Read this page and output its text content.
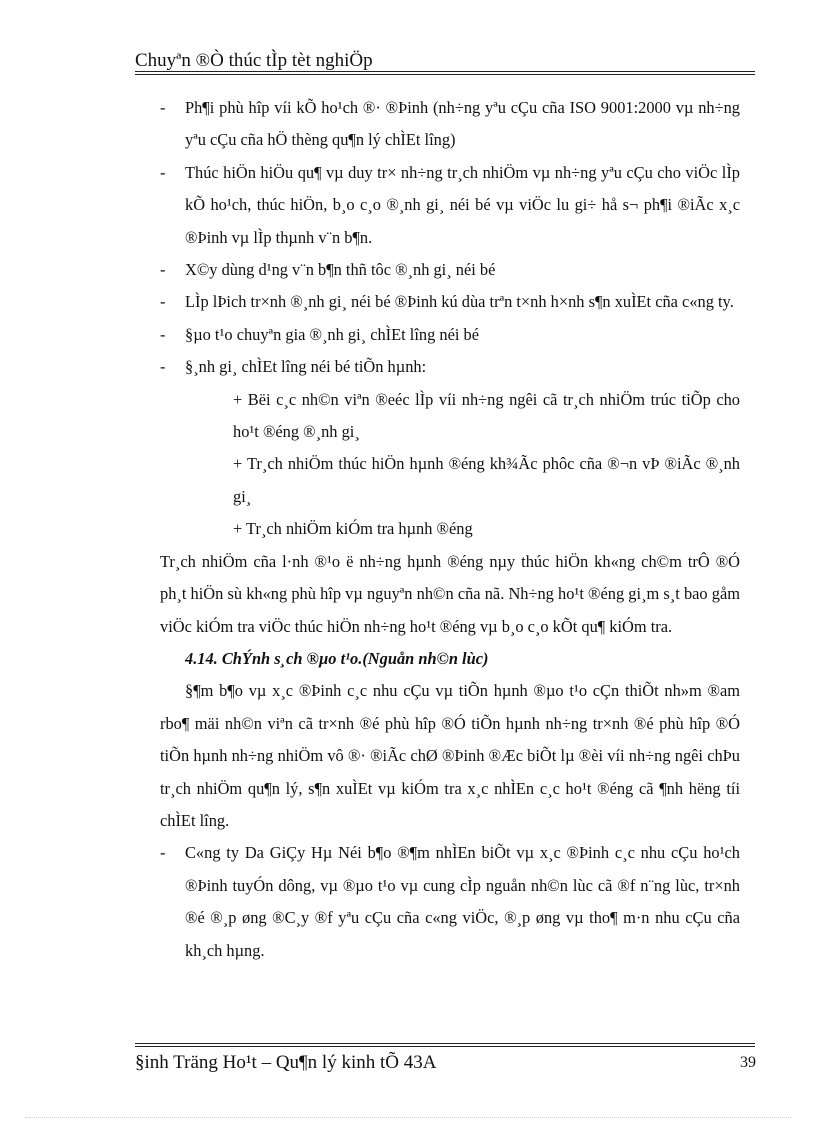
Chuyªn ®Ò thúc tÌp tèt nghiÖp

- Ph¶i phù hîp víi kÕ ho¹ch ®· ®Þinh (nh÷ng yªu cÇu cña ISO 9001:2000 vµ nh÷ng yªu cÇu cña hÖ thèng qu¶n lý chÌEt lîng)

- Thúc hiÖn hiÖu qu¶ vµ duy tr× nh÷ng tr¸ch nhiÖm vµ nh÷ng yªu cÇu cho viÖc lÌp kÕ ho¹ch, thúc hiÖn, b¸o c¸o ®¸nh gi¸ néi bé vµ viÖc lu gi÷ hå s¬ ph¶i ®iÃc x¸c ®Þinh vµ lÌp thµnh v¨n b¶n.

- X©y dùng d¹ng v¨n b¶n thñ tôc ®¸nh gi¸ néi bé

- LÌp lÞich tr×nh ®¸nh gi¸ néi bé ®Þinh kú dùa trªn t×nh h×nh s¶n xuÌEt cña c«ng ty.

- §µo t¹o chuyªn gia ®¸nh gi¸ chÌEt lîng néi bé

- §¸nh gi¸ chÌEt lîng néi bé tiÕn hµnh:

+ Bëi c¸c nh©n viªn ®eéc lÌp víi nh÷ng ngêi cã tr¸ch nhiÖm trúc tiÕp cho ho¹t ®éng ®¸nh gi¸

+ Tr¸ch nhiÖm thúc hiÖn hµnh ®éng kh¾Ãc phôc cña ®¬n vÞ ®iÃc ®¸nh gi¸

+ Tr¸ch nhiÖm kiÓm tra hµnh ®éng

Tr¸ch nhiÖm cña l·nh ®¹o ë nh÷ng hµnh ®éng nµy thúc hiÖn kh«ng ch©m trÔ ®Ó ph¸t hiÖn sù kh«ng phù hîp vµ nguyªn nh©n cña nã. Nh÷ng ho¹t ®éng gi¸m s¸t bao gåm viÖc kiÓm tra viÖc thúc hiÖn nh÷ng ho¹t ®éng vµ b¸o c¸o kÕt qu¶ kiÓm tra.

4.14. ChÝnh s¸ch ®µo t¹o.(Nguån nh©n lùc)

§¶m b¶o vµ x¸c ®Þinh c¸c nhu cÇu vµ tiÕn hµnh ®µo t¹o cÇn thiÕt nh»m ®am rbo¶ mäi nh©n viªn cã tr×nh ®é phù hîp ®Ó tiÕn hµnh nh÷ng tr×nh ®é phù hîp ®Ó tiÕn hµnh nh÷ng nhiÖm vô ®· ®iÃc chØ ®Þinh ®Æc biÕt lµ ®èi víi nh÷ng ngêi chÞu tr¸ch nhiÖm qu¶n lý, s¶n xuÌEt vµ kiÓm tra x¸c nhÌEn c¸c ho¹t ®éng cã ¶nh hëng tíi chÌEt lîng.

- C«ng ty Da GiÇy Hµ Néi b¶o ®¶m nhÌEn biÕt vµ x¸c ®Þinh c¸c nhu cÇu ho¹ch ®Þinh tuyÓn dông, vµ ®µo t¹o vµ cung cÌp nguån nh©n lùc cã ®f n¨ng lùc, tr×nh ®é ®¸p øng ®C¸y ®f yªu cÇu cña c«ng viÖc, ®¸p øng vµ tho¶ m·n nhu cÇu cña kh¸ch hµng.

§inh Träng Ho¹t – Qu¶n lý kinh tÕ 43A	39
